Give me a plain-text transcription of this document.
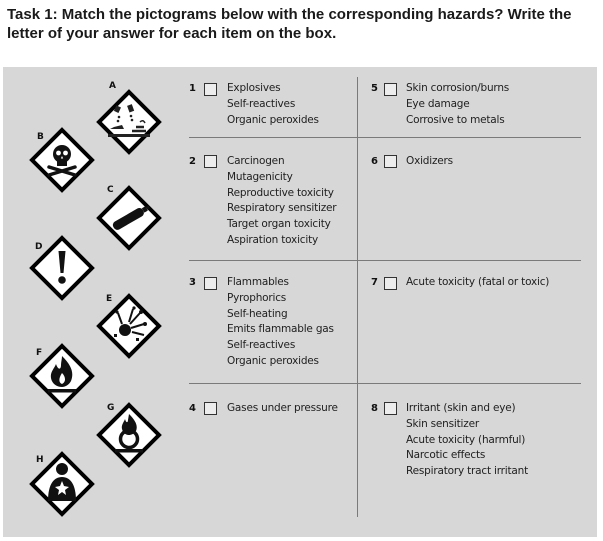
Task 1: Match the pictograms below with the corresponding hazards? Write the letter of your answer for each item on the box.

A
B
C
D
E
F
G
H
1	Explosives
Self-reactives
Organic peroxides
2	Carcinogen
Mutagenicity
Reproductive toxicity
Respiratory sensitizer
Target organ toxicity
Aspiration toxicity
3	Flammables
Pyrophorics
Self-heating
Emits flammable gas
Self-reactives
Organic peroxides
4	Gases under pressure
5	Skin corrosion/burns
Eye damage
Corrosive to metals
6	Oxidizers
7	Acute toxicity (fatal or toxic)
8	Irritant (skin and eye)
Skin sensitizer
Acute toxicity (harmful)
Narcotic effects
Respiratory tract irritant
